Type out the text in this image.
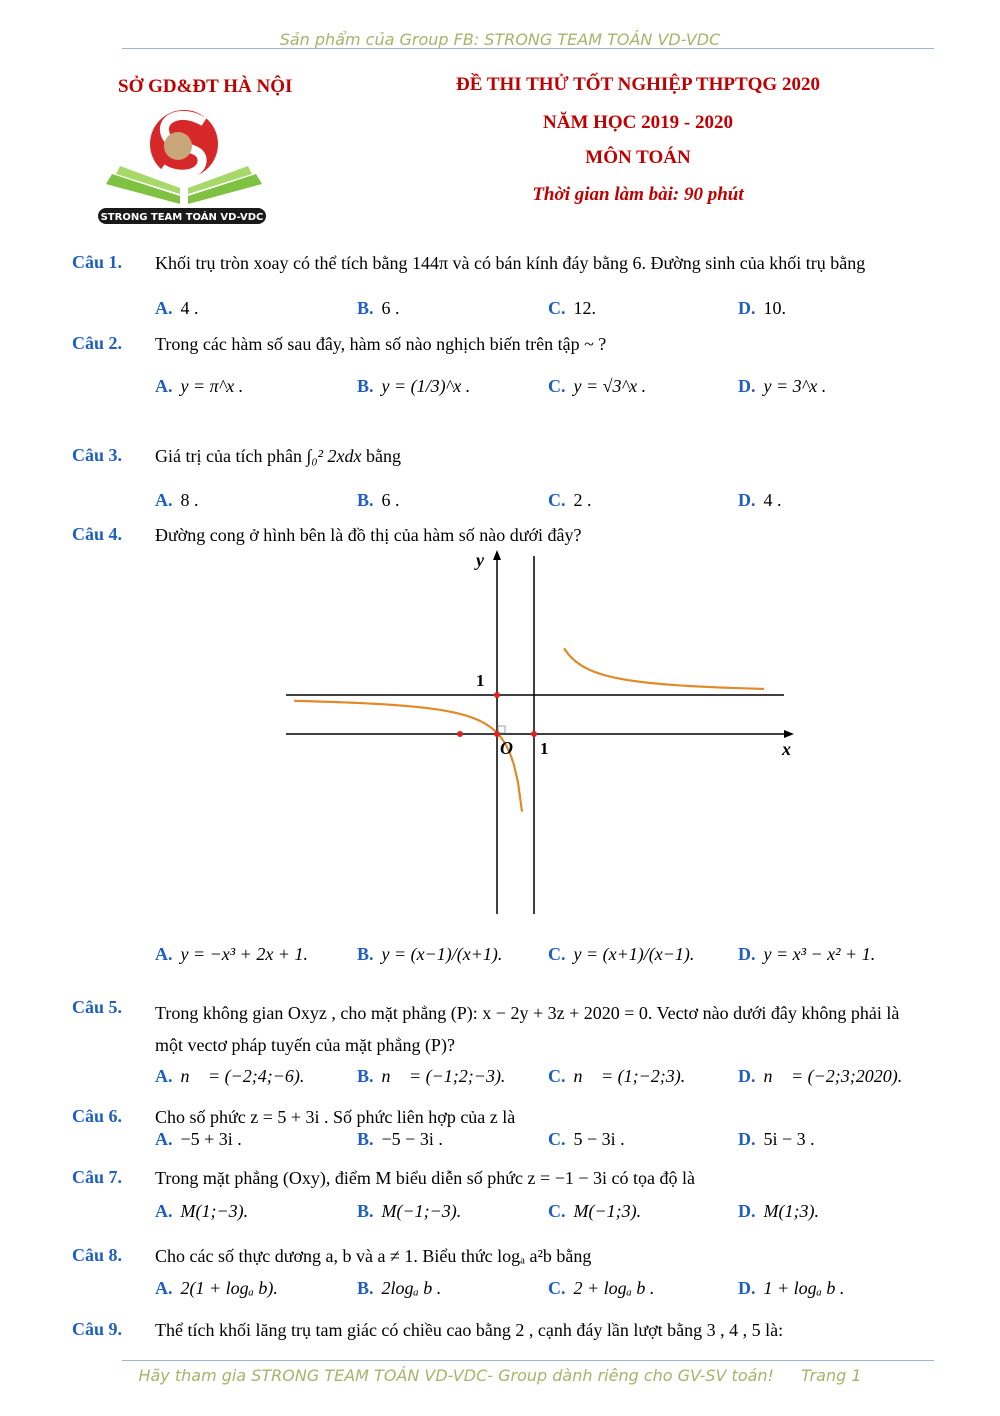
Sản phẩm của Group FB: STRONG TEAM TOÁN VD-VDC
SỞ GD&ĐT HÀ NỘI	ĐỀ THI THỬ TỐT NGHIỆP THPTQG 2020
NĂM HỌC 2019 - 2020
MÔN TOÁN
Thời gian làm bài: 90 phút
STRONG TEAM TOÁN VD-VDC
Câu 1. Khối trụ tròn xoay có thể tích bằng 144π và có bán kính đáy bằng 6. Đường sinh của khối trụ bằng
A. 4 .	B. 6 .	C. 12.	D. 10.
Câu 2. Trong các hàm số sau đây, hàm số nào nghịch biến trên tập ~ ?
A. y = π^x .	B. y = (1/3)^x .	C. y = √3^x .	D. y = 3^x .
Câu 3. Giá trị của tích phân ∫₀² 2xdx bằng
A. 8 .	B. 6 .	C. 2 .	D. 4 .
Câu 4. Đường cong ở hình bên là đồ thị của hàm số nào dưới đây?
y
x
O
1
1
A. y = −x³ + 2x + 1.	B. y = (x−1)/(x+1).	C. y = (x+1)/(x−1). D. y = x³ − x² + 1.
Câu 5. Trong không gian Oxyz , cho mặt phẳng (P): x − 2y + 3z + 2020 = 0. Vectơ nào dưới đây không phải là một vectơ pháp tuyến của mặt phẳng (P)?
A. n⃗ = (−2;4;−6).	B. n⃗ = (−1;2;−3). C. n⃗ = (1;−2;3).	D. n⃗ = (−2;3;2020).
Câu 6. Cho số phức z = 5 + 3i . Số phức liên hợp của z là
A. −5 + 3i .	B. −5 − 3i .	C. 5 − 3i .	D. 5i − 3 .
Câu 7. Trong mặt phẳng (Oxy), điểm M biểu diễn số phức z = −1 − 3i có tọa độ là
A. M(1;−3).	B. M(−1;−3).	C. M(−1;3).	D. M(1;3).
Câu 8. Cho các số thực dương a, b và a ≠ 1. Biểu thức logₐ a²b bằng
A. 2(1 + logₐ b).	B. 2logₐ b .	C. 2 + logₐ b .	D. 1 + logₐ b .
Câu 9. Thể tích khối lăng trụ tam giác có chiều cao bằng 2 , cạnh đáy lần lượt bằng 3 , 4 , 5 là:
Hãy tham gia STRONG TEAM TOÁN VD-VDC- Group dành riêng cho GV-SV toán! Trang 1
